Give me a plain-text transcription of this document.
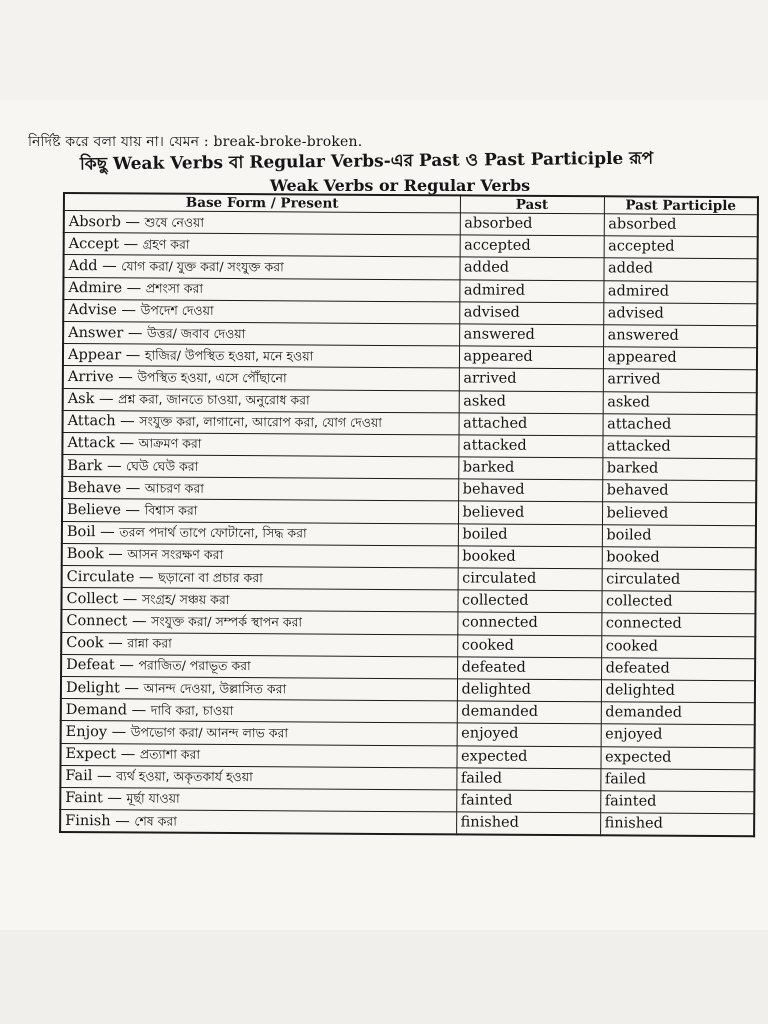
নির্দিষ্ট করে বলা যায় না। যেমন : break-broke-broken.
কিছু Weak Verbs বা Regular Verbs-এর Past ও Past Participle রূপ
Weak Verbs or Regular Verbs
Base Form / Present	Past	Past Participle
Absorb — শুষে নেওয়া	absorbed	absorbed
Accept — গ্রহণ করা	accepted	accepted
Add — যোগ করা/ যুক্ত করা/ সংযুক্ত করা	added	added
Admire — প্রশংসা করা	admired	admired
Advise — উপদেশ দেওয়া	advised	advised
Answer — উত্তর/ জবাব দেওয়া	answered	answered
Appear — হাজির/ উপস্থিত হওয়া, মনে হওয়া	appeared	appeared
Arrive — উপস্থিত হওয়া, এসে পৌঁছানো	arrived	arrived
Ask — প্রশ্ন করা, জানতে চাওয়া, অনুরোধ করা	asked	asked
Attach — সংযুক্ত করা, লাগানো, আরোপ করা, যোগ দেওয়া	attached	attached
Attack — আক্রমণ করা	attacked	attacked
Bark — ঘেউ ঘেউ করা	barked	barked
Behave — আচরণ করা	behaved	behaved
Believe — বিশ্বাস করা	believed	believed
Boil — তরল পদার্থ তাপে ফোটানো, সিদ্ধ করা	boiled	boiled
Book — আসন সংরক্ষণ করা	booked	booked
Circulate — ছড়ানো বা প্রচার করা	circulated	circulated
Collect — সংগ্রহ/ সঞ্চয় করা	collected	collected
Connect — সংযুক্ত করা/ সম্পর্ক স্থাপন করা	connected	connected
Cook — রান্না করা	cooked	cooked
Defeat — পরাজিত/ পরাভূত করা	defeated	defeated
Delight — আনন্দ দেওয়া, উল্লাসিত করা	delighted	delighted
Demand — দাবি করা, চাওয়া	demanded	demanded
Enjoy — উপভোগ করা/ আনন্দ লাভ করা	enjoyed	enjoyed
Expect — প্রত্যাশা করা	expected	expected
Fail — ব্যর্থ হওয়া, অকৃতকার্য হওয়া	failed	failed
Faint — মূর্ছা যাওয়া	fainted	fainted
Finish — শেষ করা	finished	finished
